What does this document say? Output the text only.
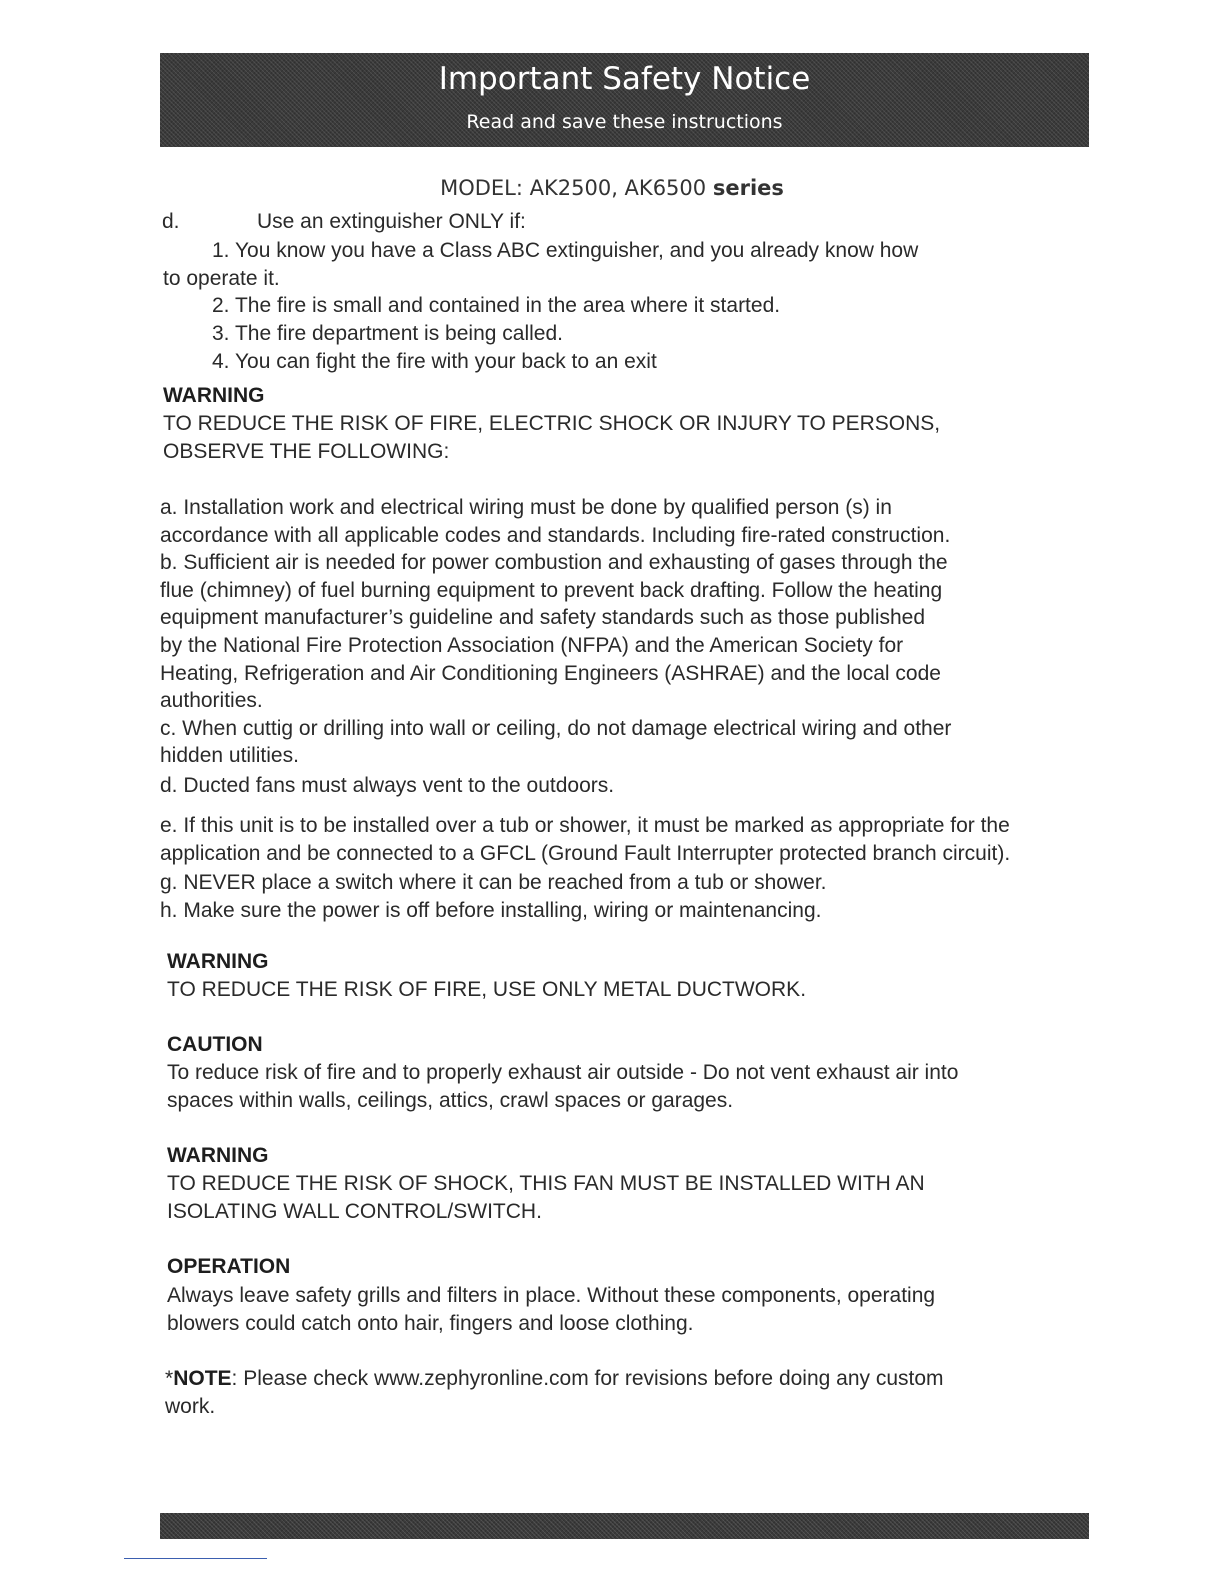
Important Safety Notice
Read and save these instructions
MODEL: AK2500, AK6500 series
d.	Use an extinguisher ONLY if:
1. You know you have a Class ABC extinguisher, and you already know how
to operate it.
2. The fire is small and contained in the area where it started.
3. The fire department is being called.
4. You can fight the fire with your back to an exit
WARNING
TO REDUCE THE RISK OF FIRE, ELECTRIC SHOCK OR INJURY TO PERSONS,
OBSERVE THE FOLLOWING:
a. Installation work and electrical wiring must be done by qualified person (s) in
accordance with all applicable codes and standards. Including fire-rated construction.
b. Sufficient air is needed for power combustion and exhausting of gases through the
flue (chimney) of fuel burning equipment to prevent back drafting. Follow the heating
equipment manufacturer’s guideline and safety standards such as those published
by the National Fire Protection Association (NFPA) and the American Society for
Heating, Refrigeration and Air Conditioning Engineers (ASHRAE) and the local code
authorities.
c. When cuttig or drilling into wall or ceiling, do not damage electrical wiring and other
hidden utilities.
d. Ducted fans must always vent to the outdoors.
e. If this unit is to be installed over a tub or shower, it must be marked as appropriate for the
application and be connected to a GFCL (Ground Fault Interrupter protected branch circuit).
g. NEVER place a switch where it can be reached from a tub or shower.
h. Make sure the power is off before installing, wiring or maintenancing.
WARNING
TO REDUCE THE RISK OF FIRE, USE ONLY METAL DUCTWORK.
CAUTION
To reduce risk of fire and to properly exhaust air outside - Do not vent exhaust air into
spaces within walls, ceilings, attics, crawl spaces or garages.
WARNING
TO REDUCE THE RISK OF SHOCK, THIS FAN MUST BE INSTALLED WITH AN
ISOLATING WALL CONTROL/SWITCH.
OPERATION
Always leave safety grills and filters in place. Without these components, operating
blowers could catch onto hair, fingers and loose clothing.
*NOTE: Please check www.zephyronline.com for revisions before doing any custom
work.
